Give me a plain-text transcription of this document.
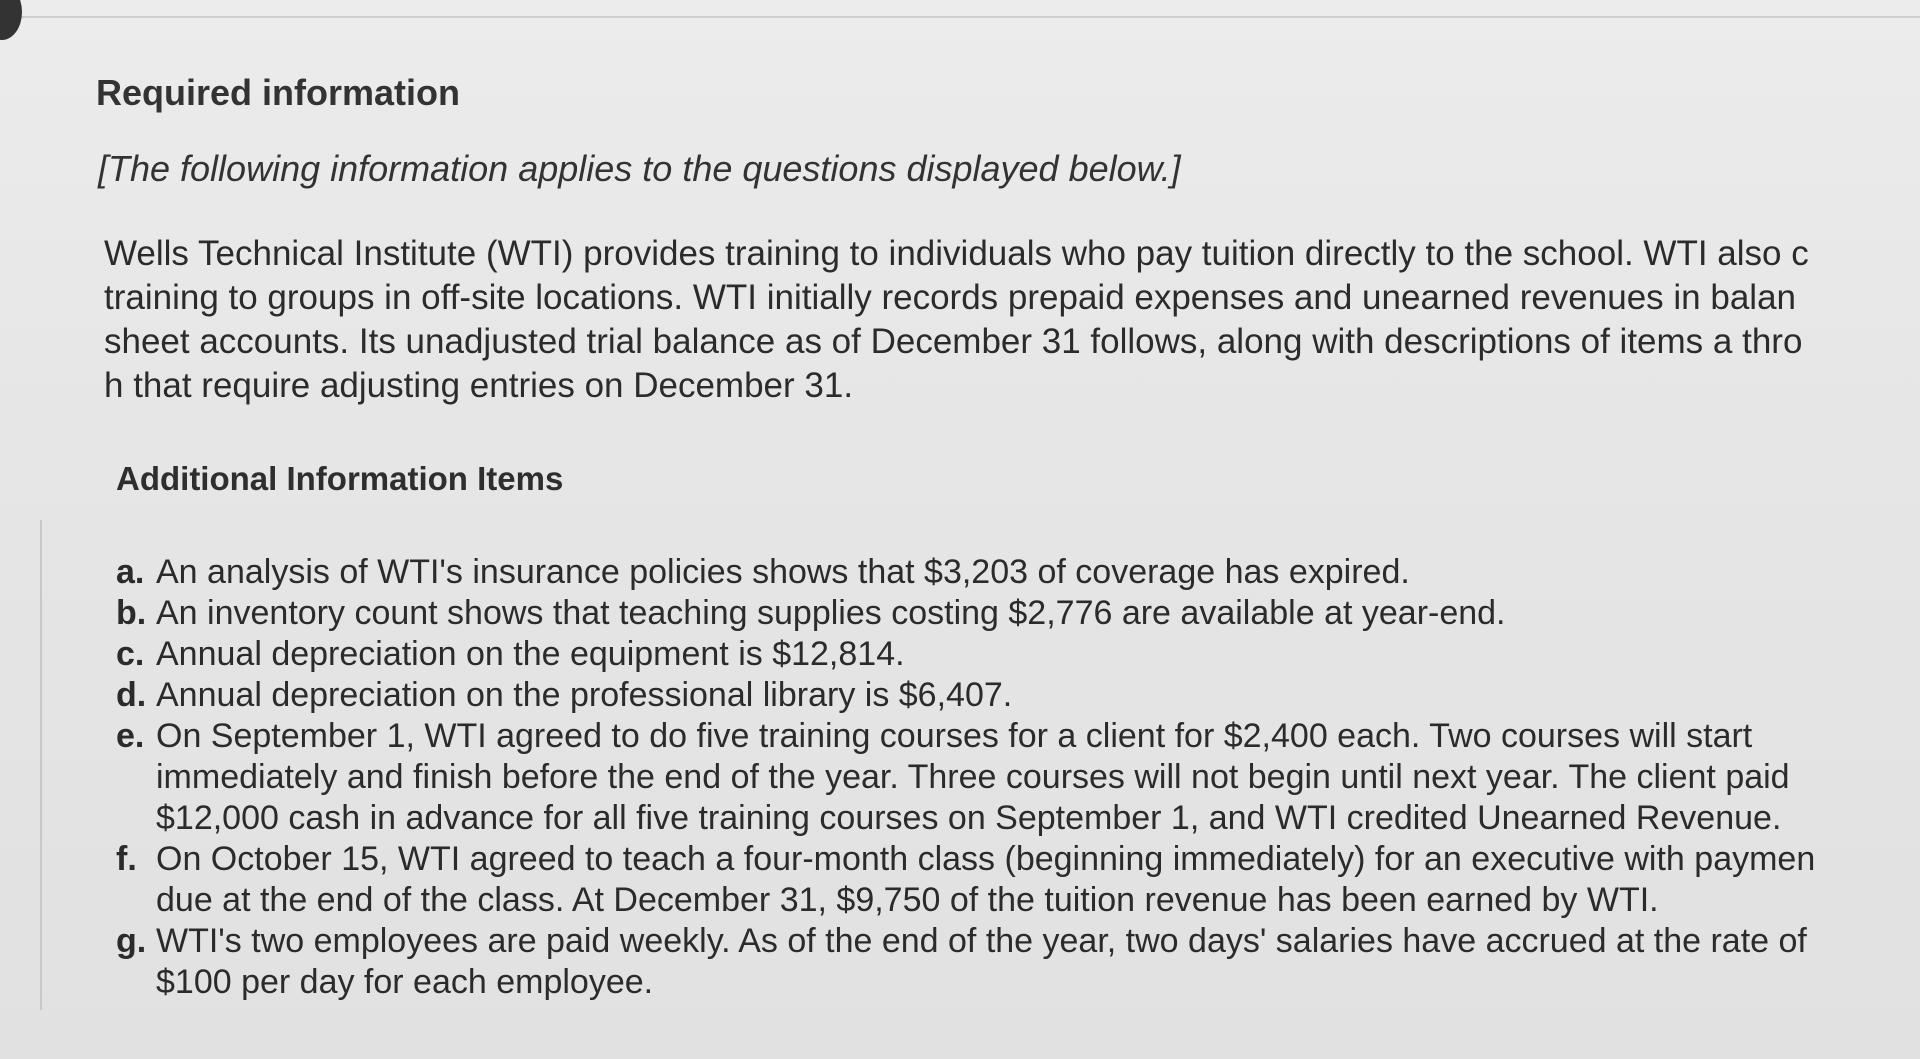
Required information
[The following information applies to the questions displayed below.]
Wells Technical Institute (WTI) provides training to individuals who pay tuition directly to the school. WTI also c
training to groups in off-site locations. WTI initially records prepaid expenses and unearned revenues in balan
sheet accounts. Its unadjusted trial balance as of December 31 follows, along with descriptions of items a thro
h that require adjusting entries on December 31.
Additional Information Items
a. An analysis of WTI's insurance policies shows that $3,203 of coverage has expired.
b. An inventory count shows that teaching supplies costing $2,776 are available at year-end.
c. Annual depreciation on the equipment is $12,814.
d. Annual depreciation on the professional library is $6,407.
e. On September 1, WTI agreed to do five training courses for a client for $2,400 each. Two courses will start
immediately and finish before the end of the year. Three courses will not begin until next year. The client paid
$12,000 cash in advance for all five training courses on September 1, and WTI credited Unearned Revenue.
f. On October 15, WTI agreed to teach a four-month class (beginning immediately) for an executive with paymen
due at the end of the class. At December 31, $9,750 of the tuition revenue has been earned by WTI.
g. WTI's two employees are paid weekly. As of the end of the year, two days' salaries have accrued at the rate of
$100 per day for each employee.
